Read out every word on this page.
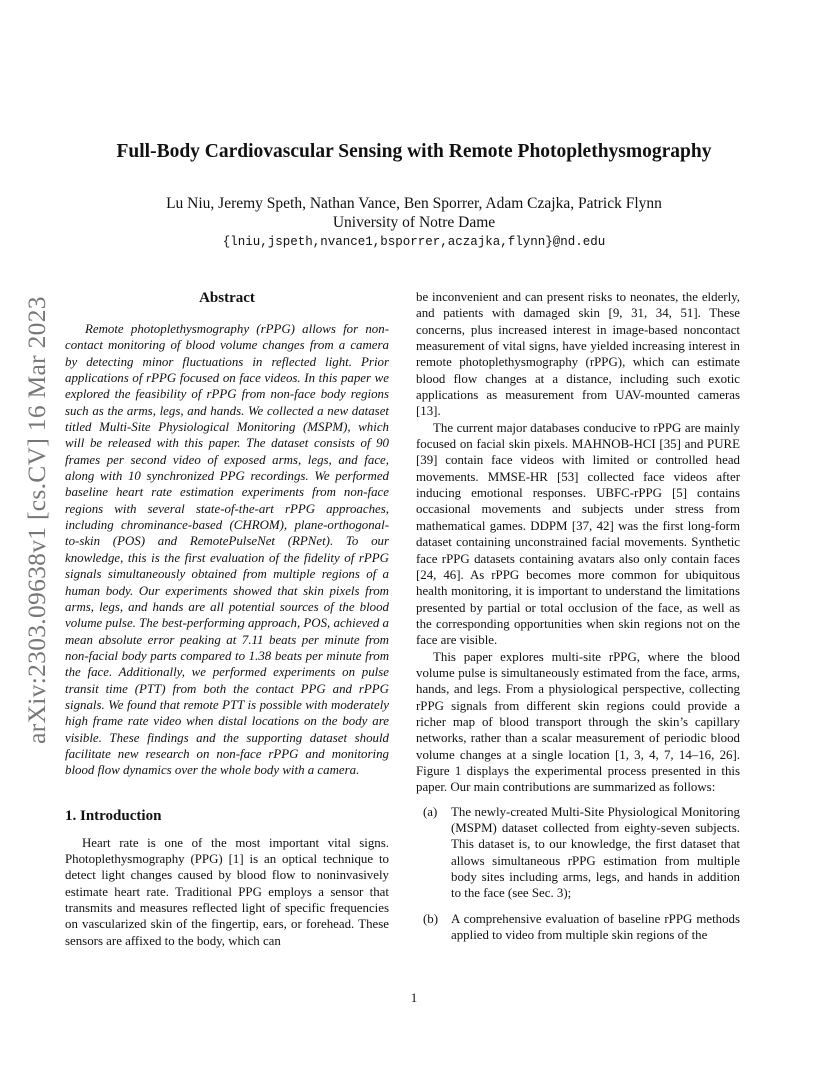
arXiv:2303.09638v1 [cs.CV] 16 Mar 2023
Full-Body Cardiovascular Sensing with Remote Photoplethysmography
Lu Niu, Jeremy Speth, Nathan Vance, Ben Sporrer, Adam Czajka, Patrick Flynn
University of Notre Dame
{lniu,jspeth,nvance1,bsporrer,aczajka,flynn}@nd.edu
Abstract

Remote photoplethysmography (rPPG) allows for non-contact monitoring of blood volume changes from a camera by detecting minor fluctuations in reflected light. Prior applications of rPPG focused on face videos. In this paper we explored the feasibility of rPPG from non-face body regions such as the arms, legs, and hands. We collected a new dataset titled Multi-Site Physiological Monitoring (MSPM), which will be released with this paper. The dataset consists of 90 frames per second video of exposed arms, legs, and face, along with 10 synchronized PPG recordings. We performed baseline heart rate estimation experiments from non-face regions with several state-of-the-art rPPG approaches, including chrominance-based (CHROM), plane-orthogonal-to-skin (POS) and RemotePulseNet (RPNet). To our knowledge, this is the first evaluation of the fidelity of rPPG signals simultaneously obtained from multiple regions of a human body. Our experiments showed that skin pixels from arms, legs, and hands are all potential sources of the blood volume pulse. The best-performing approach, POS, achieved a mean absolute error peaking at 7.11 beats per minute from non-facial body parts compared to 1.38 beats per minute from the face. Additionally, we performed experiments on pulse transit time (PTT) from both the contact PPG and rPPG signals. We found that remote PTT is possible with moderately high frame rate video when distal locations on the body are visible. These findings and the supporting dataset should facilitate new research on non-face rPPG and monitoring blood flow dynamics over the whole body with a camera.

1. Introduction

Heart rate is one of the most important vital signs. Photoplethysmography (PPG) [1] is an optical technique to detect light changes caused by blood flow to noninvasively estimate heart rate. Traditional PPG employs a sensor that transmits and measures reflected light of specific frequencies on vascularized skin of the fingertip, ears, or forehead. These sensors are affixed to the body, which can

be inconvenient and can present risks to neonates, the elderly, and patients with damaged skin [9, 31, 34, 51]. These concerns, plus increased interest in image-based noncontact measurement of vital signs, have yielded increasing interest in remote photoplethysmography (rPPG), which can estimate blood flow changes at a distance, including such exotic applications as measurement from UAV-mounted cameras [13].

The current major databases conducive to rPPG are mainly focused on facial skin pixels. MAHNOB-HCI [35] and PURE [39] contain face videos with limited or controlled head movements. MMSE-HR [53] collected face videos after inducing emotional responses. UBFC-rPPG [5] contains occasional movements and subjects under stress from mathematical games. DDPM [37, 42] was the first long-form dataset containing unconstrained facial movements. Synthetic face rPPG datasets containing avatars also only contain faces [24, 46]. As rPPG becomes more common for ubiquitous health monitoring, it is important to understand the limitations presented by partial or total occlusion of the face, as well as the corresponding opportunities when skin regions not on the face are visible.

This paper explores multi-site rPPG, where the blood volume pulse is simultaneously estimated from the face, arms, hands, and legs. From a physiological perspective, collecting rPPG signals from different skin regions could provide a richer map of blood transport through the skin’s capillary networks, rather than a scalar measurement of periodic blood volume changes at a single location [1, 3, 4, 7, 14–16, 26]. Figure 1 displays the experimental process presented in this paper. Our main contributions are summarized as follows:

(a)	The newly-created Multi-Site Physiological Monitoring (MSPM) dataset collected from eighty-seven subjects. This dataset is, to our knowledge, the first dataset that allows simultaneous rPPG estimation from multiple body sites including arms, legs, and hands in addition to the face (see Sec. 3);
(b)	A comprehensive evaluation of baseline rPPG methods applied to video from multiple skin regions of the
1
